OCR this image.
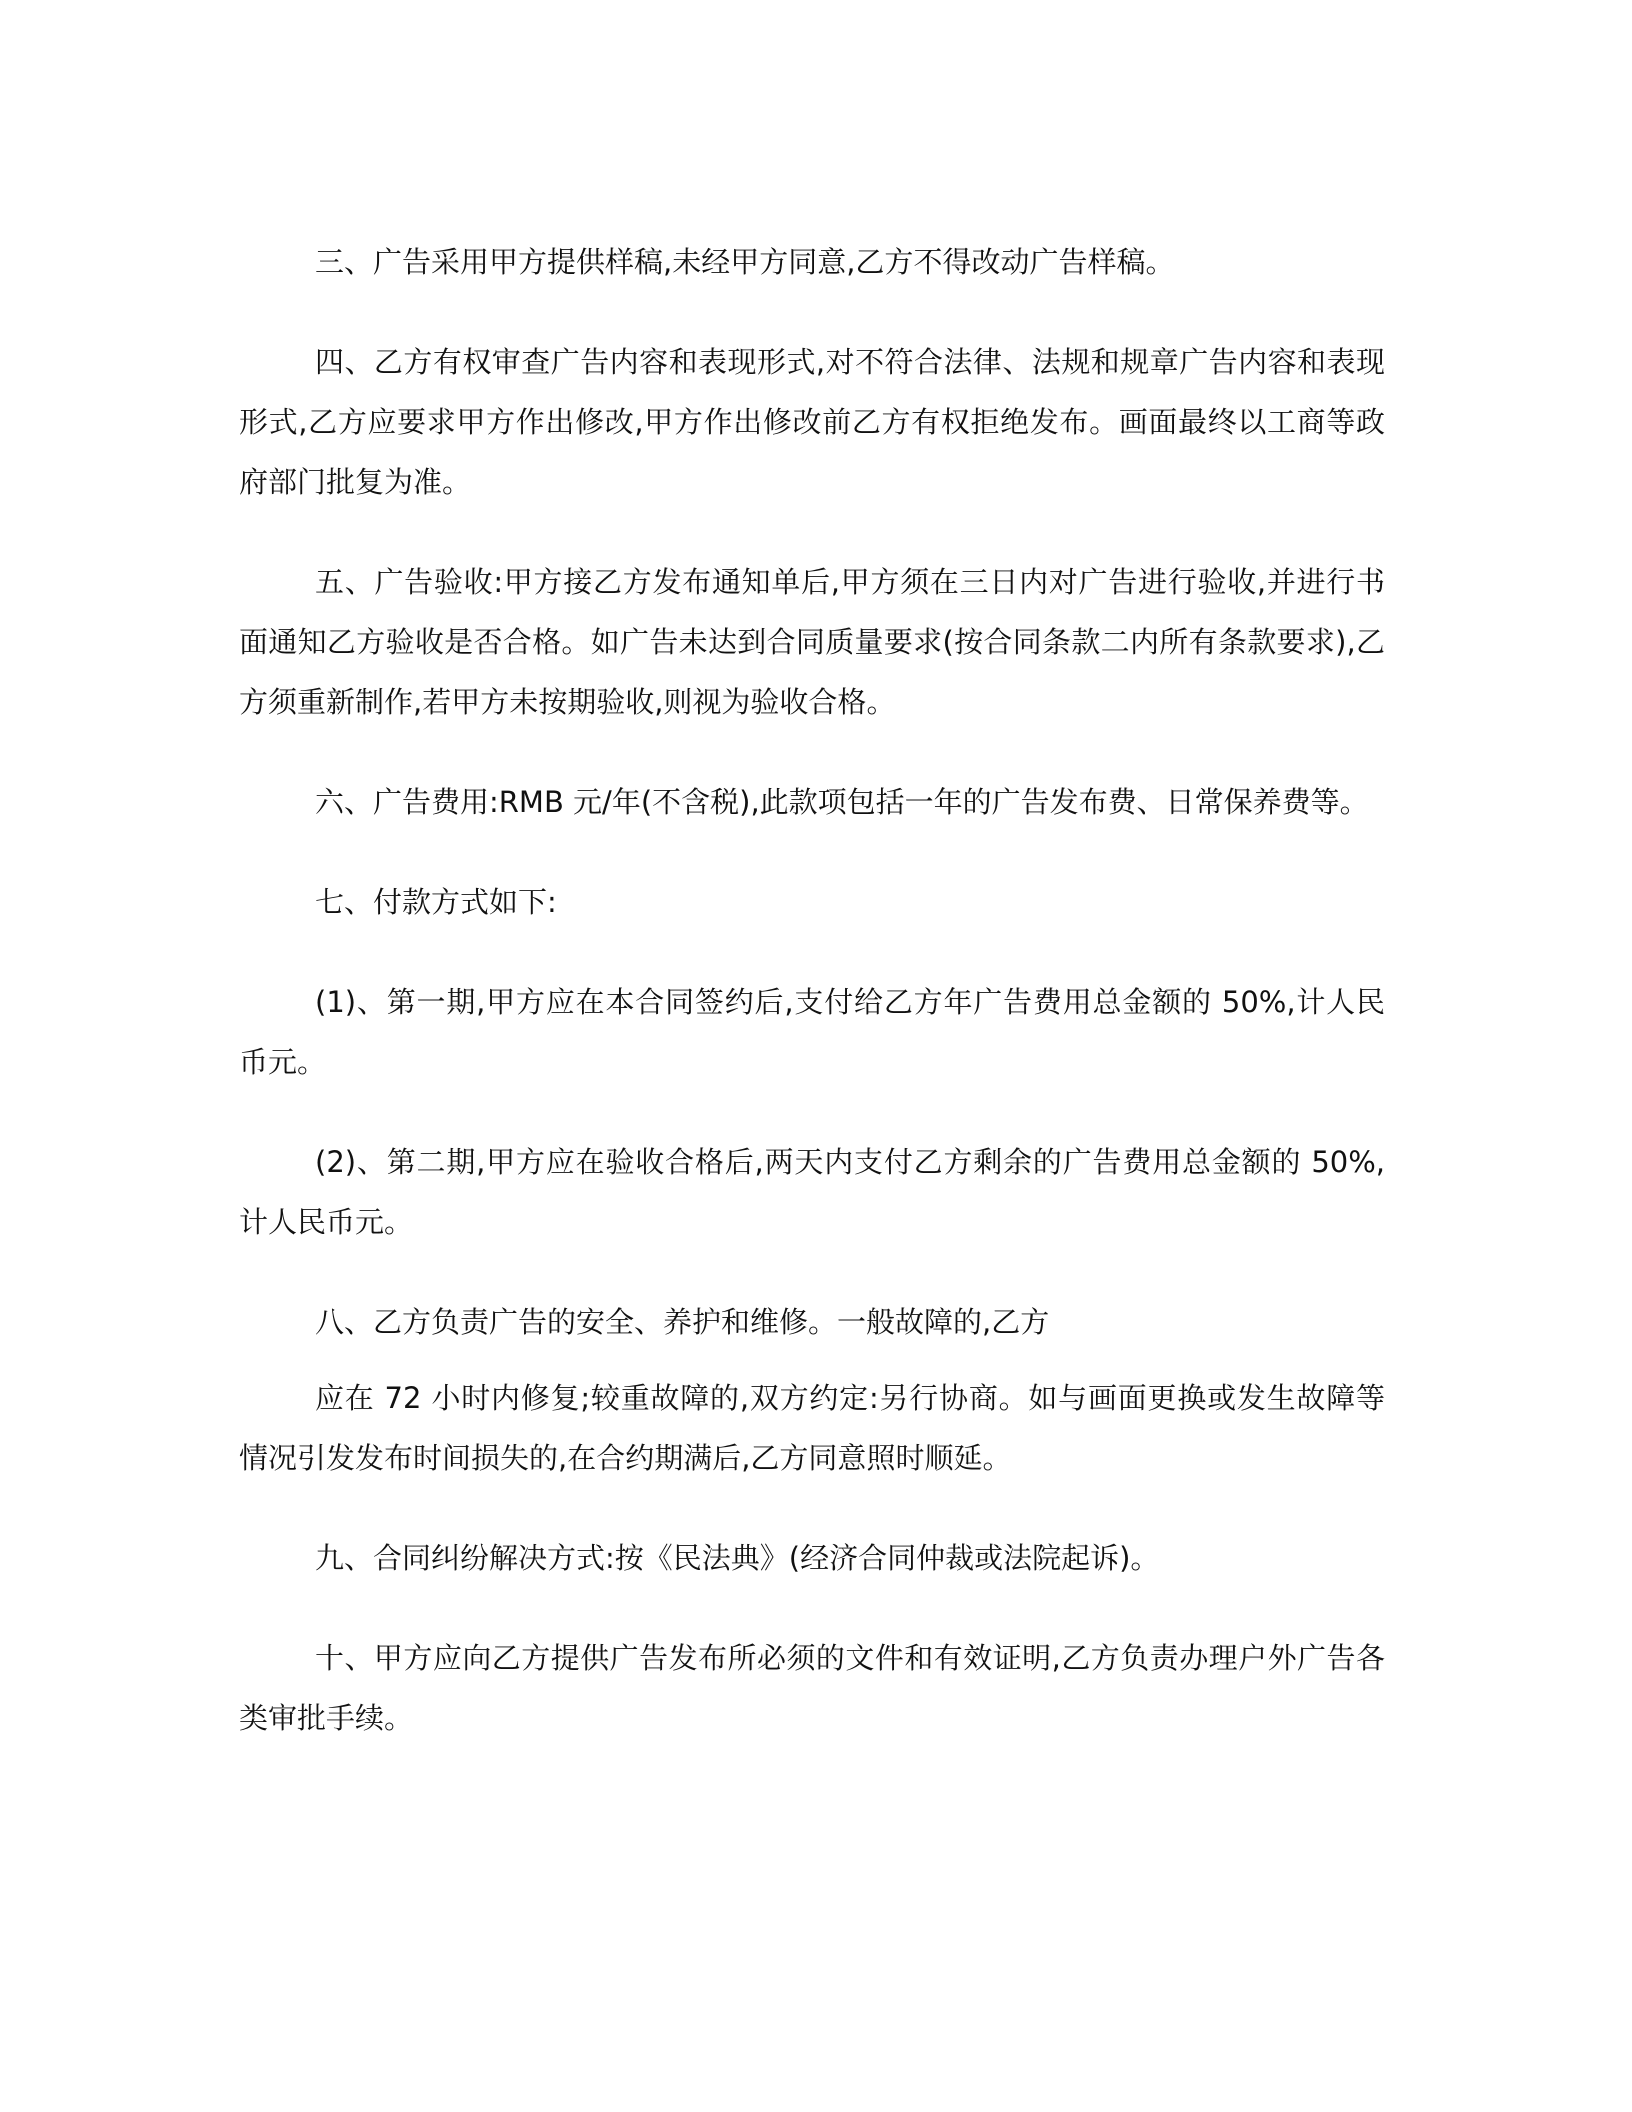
三、广告采用甲方提供样稿,未经甲方同意,乙方不得改动广告样稿。

四、乙方有权审查广告内容和表现形式,对不符合法律、法规和规章广告内容和表现形式,乙方应要求甲方作出修改,甲方作出修改前乙方有权拒绝发布。画面最终以工商等政府部门批复为准。

五、广告验收:甲方接乙方发布通知单后,甲方须在三日内对广告进行验收,并进行书面通知乙方验收是否合格。如广告未达到合同质量要求(按合同条款二内所有条款要求),乙方须重新制作,若甲方未按期验收,则视为验收合格。

六、广告费用:RMB 元/年(不含税),此款项包括一年的广告发布费、日常保养费等。

七、付款方式如下:

(1)、第一期,甲方应在本合同签约后,支付给乙方年广告费用总金额的 50%,计人民币元。

(2)、第二期,甲方应在验收合格后,两天内支付乙方剩余的广告费用总金额的 50%,计人民币元。

八、乙方负责广告的安全、养护和维修。一般故障的,乙方

应在 72 小时内修复;较重故障的,双方约定:另行协商。如与画面更换或发生故障等情况引发发布时间损失的,在合约期满后,乙方同意照时顺延。

九、合同纠纷解决方式:按《民法典》(经济合同仲裁或法院起诉)。

十、甲方应向乙方提供广告发布所必须的文件和有效证明,乙方负责办理户外广告各类审批手续。
